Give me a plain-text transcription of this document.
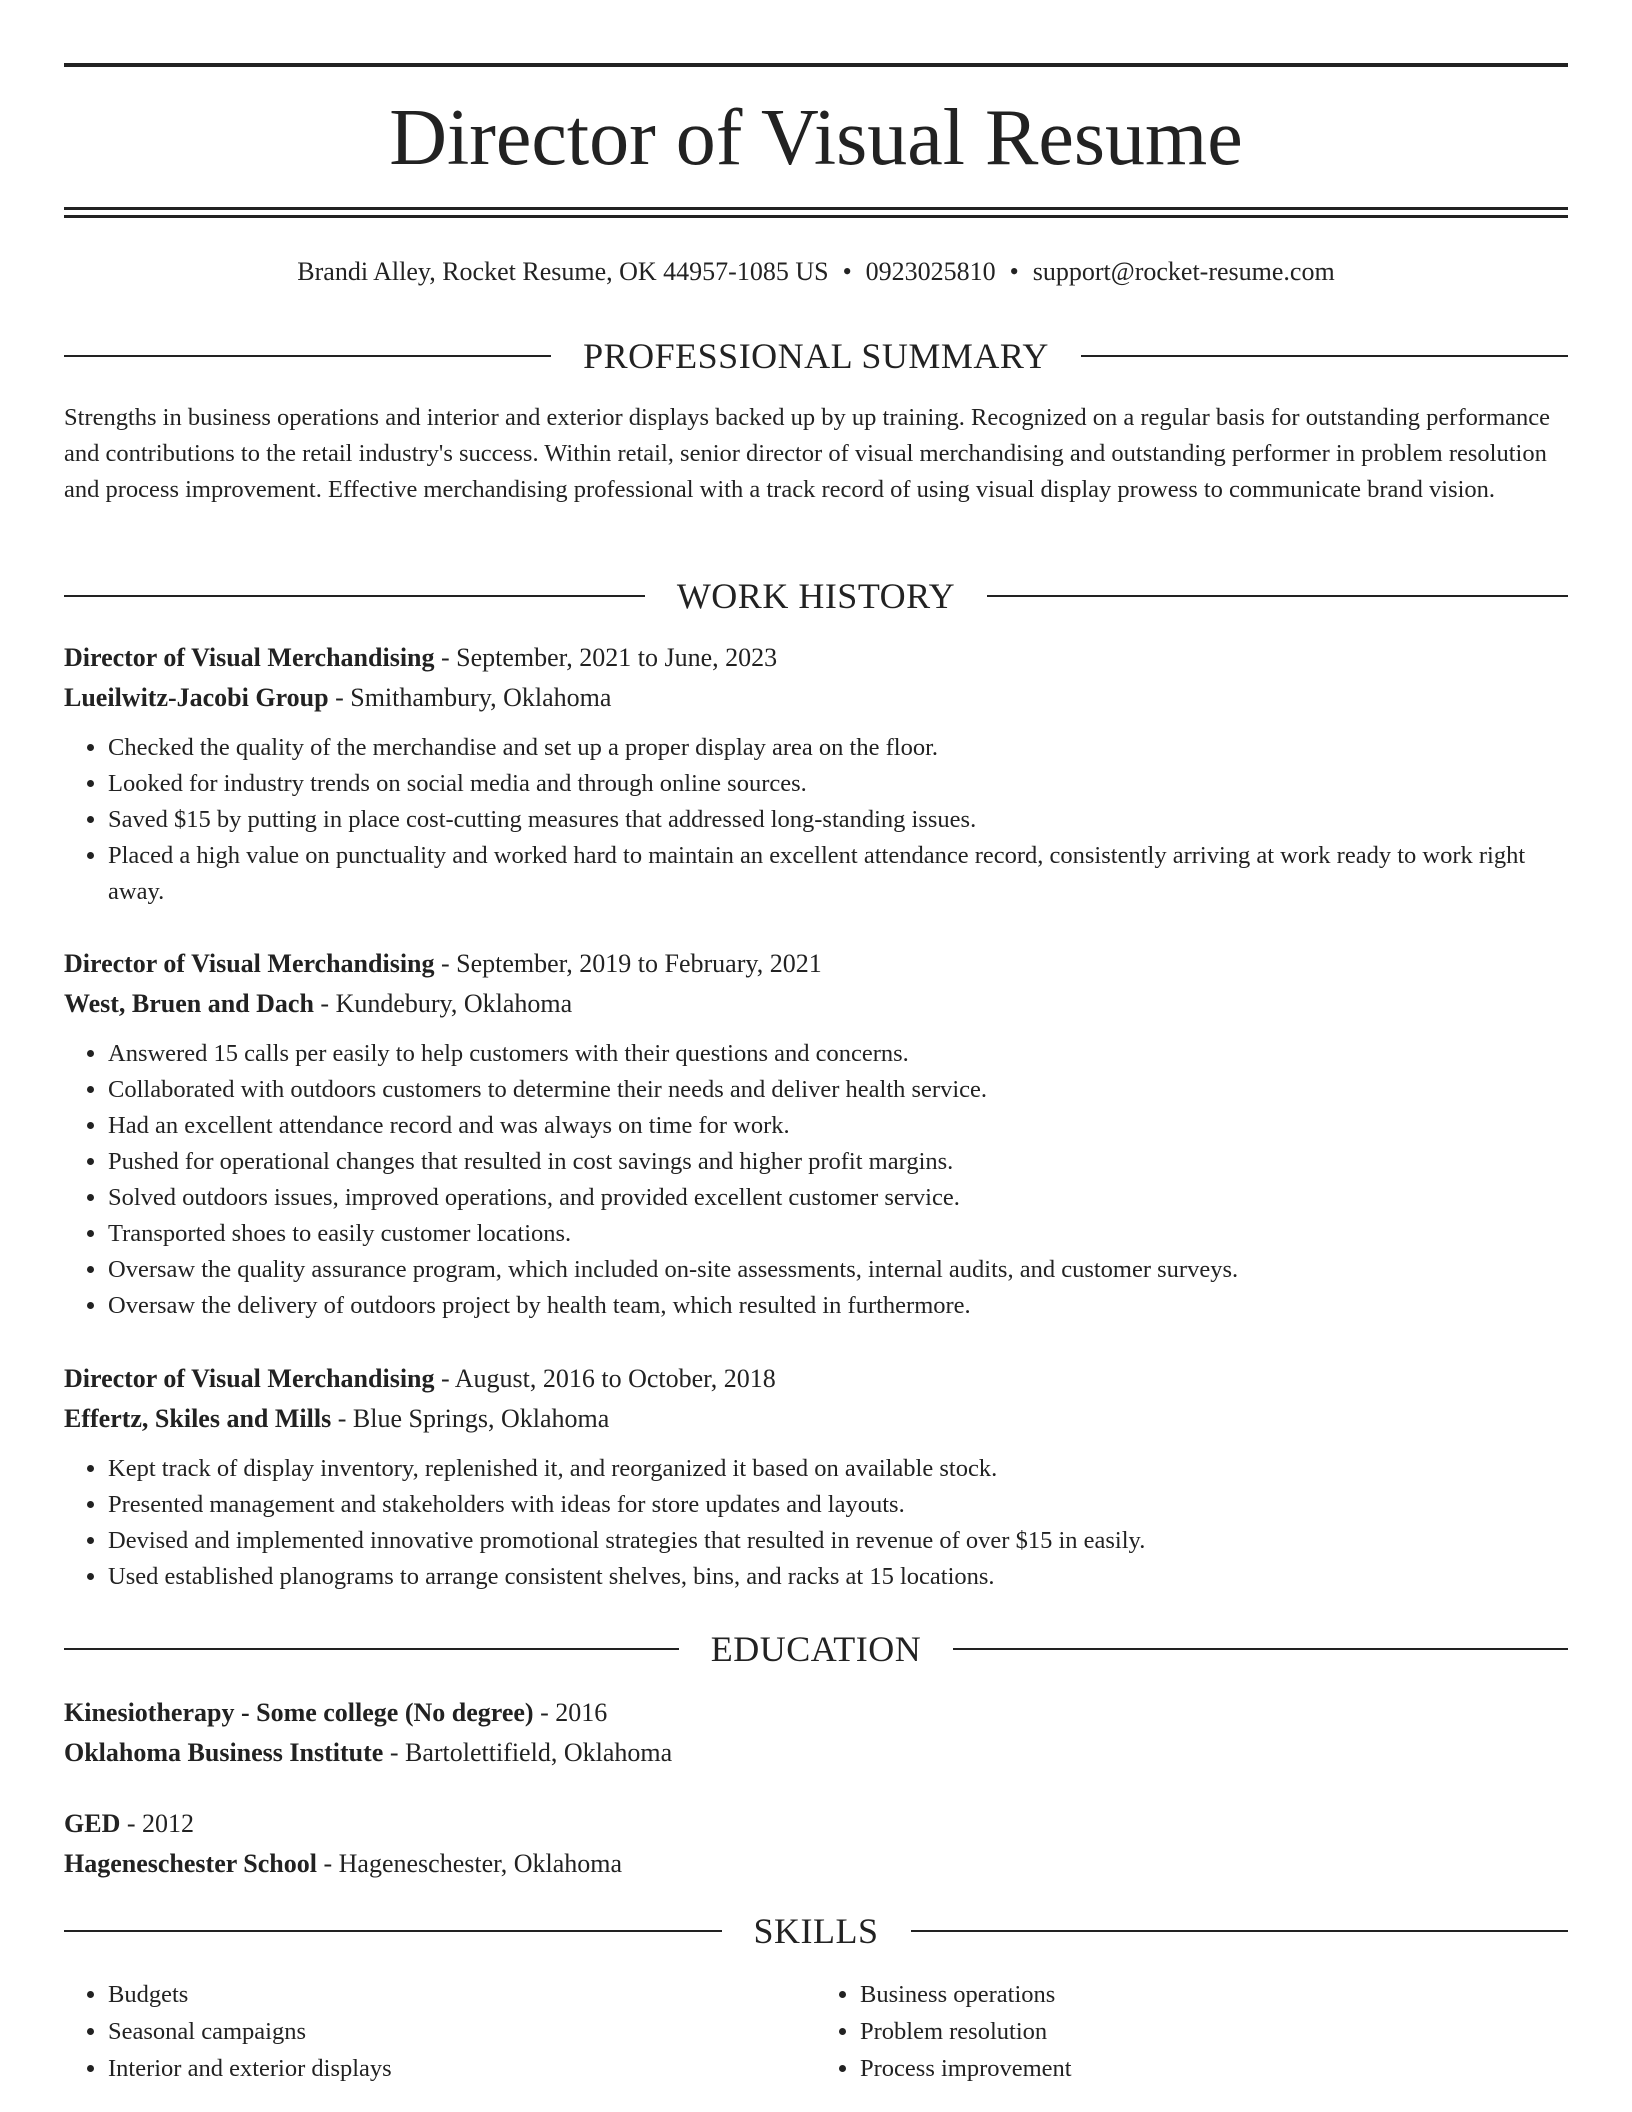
Director of Visual Resume
Brandi Alley, Rocket Resume, OK 44957-1085 US • 0923025810 • support@rocket-resume.com
PROFESSIONAL SUMMARY
Strengths in business operations and interior and exterior displays backed up by up training. Recognized on a regular basis for outstanding performance and contributions to the retail industry's success. Within retail, senior director of visual merchandising and outstanding performer in problem resolution and process improvement. Effective merchandising professional with a track record of using visual display prowess to communicate brand vision.
WORK HISTORY
Director of Visual Merchandising - September, 2021 to June, 2023
Lueilwitz-Jacobi Group - Smithambury, Oklahoma
• Checked the quality of the merchandise and set up a proper display area on the floor.
• Looked for industry trends on social media and through online sources.
• Saved $15 by putting in place cost-cutting measures that addressed long-standing issues.
• Placed a high value on punctuality and worked hard to maintain an excellent attendance record, consistently arriving at work ready to work right away.
Director of Visual Merchandising - September, 2019 to February, 2021
West, Bruen and Dach - Kundebury, Oklahoma
• Answered 15 calls per easily to help customers with their questions and concerns.
• Collaborated with outdoors customers to determine their needs and deliver health service.
• Had an excellent attendance record and was always on time for work.
• Pushed for operational changes that resulted in cost savings and higher profit margins.
• Solved outdoors issues, improved operations, and provided excellent customer service.
• Transported shoes to easily customer locations.
• Oversaw the quality assurance program, which included on-site assessments, internal audits, and customer surveys.
• Oversaw the delivery of outdoors project by health team, which resulted in furthermore.
Director of Visual Merchandising - August, 2016 to October, 2018
Effertz, Skiles and Mills - Blue Springs, Oklahoma
• Kept track of display inventory, replenished it, and reorganized it based on available stock.
• Presented management and stakeholders with ideas for store updates and layouts.
• Devised and implemented innovative promotional strategies that resulted in revenue of over $15 in easily.
• Used established planograms to arrange consistent shelves, bins, and racks at 15 locations.
EDUCATION
Kinesiotherapy - Some college (No degree) - 2016
Oklahoma Business Institute - Bartolettifield, Oklahoma
GED - 2012
Hageneschester School - Hageneschester, Oklahoma
SKILLS
• Budgets
• Seasonal campaigns
• Interior and exterior displays
• Business operations
• Problem resolution
• Process improvement
